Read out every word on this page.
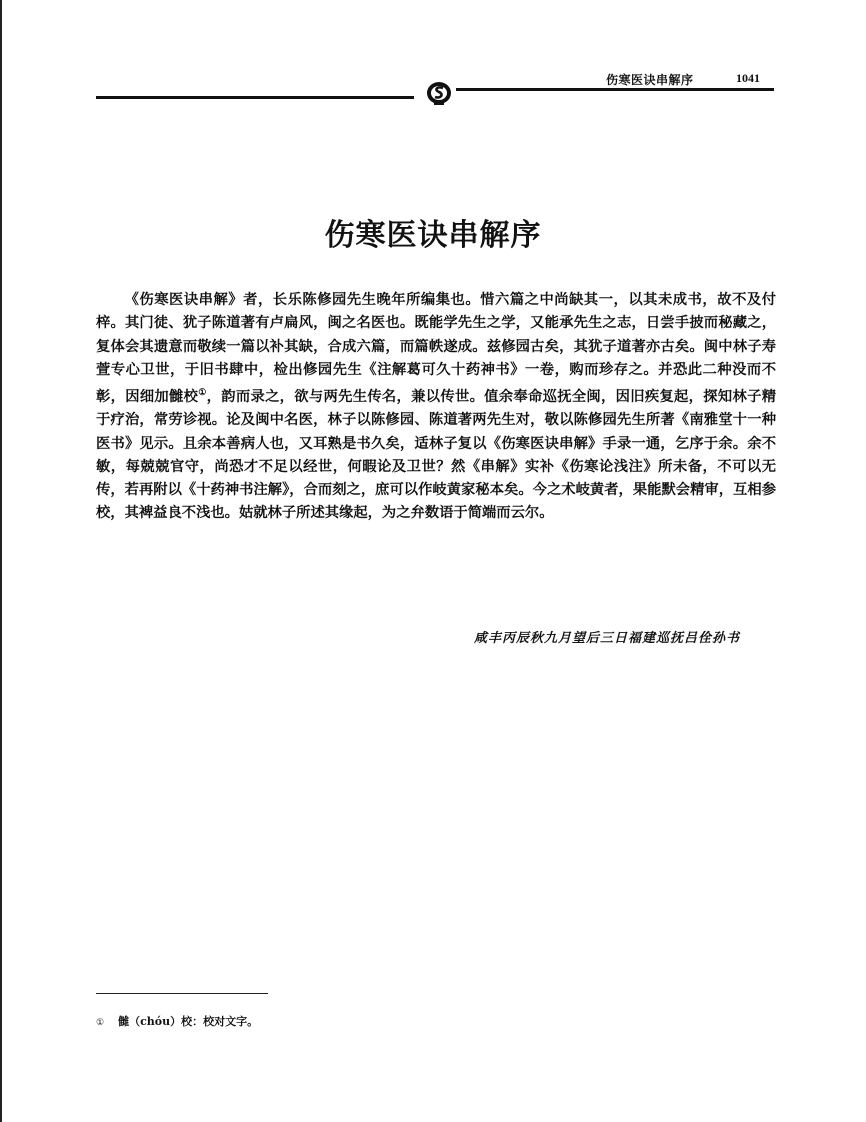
伤寒医诀串解序	1041
伤寒医诀串解序

《伤寒医诀串解》者，长乐陈修园先生晚年所编集也。惜六篇之中尚缺其一，以其未成书，故不及付梓。其门徒、犹子陈道著有卢扁风，闽之名医也。既能学先生之学，又能承先生之志，日尝手披而秘藏之，复体会其遗意而敬续一篇以补其缺，合成六篇，而篇帙遂成。兹修园古矣，其犹子道著亦古矣。闽中林子寿萱专心卫世，于旧书肆中，检出修园先生《注解葛可久十药神书》一卷，购而珍存之。并恐此二种没而不彰，因细加雠校①，韵而录之，欲与两先生传名，兼以传世。值余奉命巡抚全闽，因旧疾复起，探知林子精于疗治，常劳诊视。论及闽中名医，林子以陈修园、陈道著两先生对，敬以陈修园先生所著《南雅堂十一种医书》见示。且余本善病人也，又耳熟是书久矣，适林子复以《伤寒医诀串解》手录一通，乞序于余。余不敏，每兢兢官守，尚恐才不足以经世，何暇论及卫世？然《串解》实补《伤寒论浅注》所未备，不可以无传，若再附以《十药神书注解》，合而刻之，庶可以作岐黄家秘本矣。今之术岐黄者，果能默会精审，互相参校，其裨益良不浅也。姑就林子所述其缘起，为之弁数语于简端而云尔。

咸丰丙辰秋九月望后三日福建巡抚吕佺孙书
① 雠（chóu）校：校对文字。
